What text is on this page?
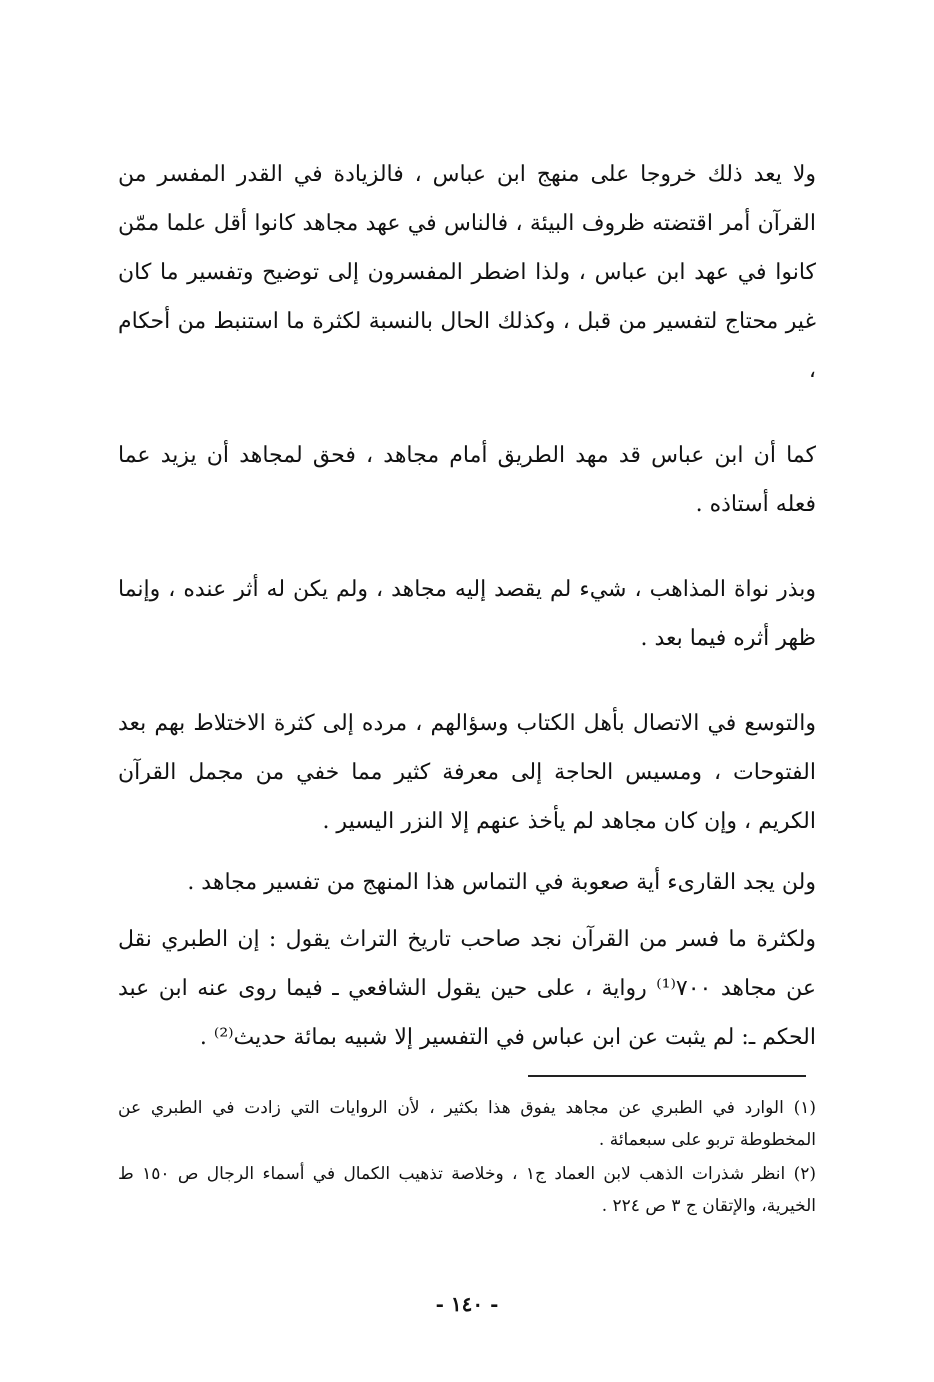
ولا يعد ذلك خروجا على منهج ابن عباس ، فالزيادة في القدر المفسر من القرآن أمر اقتضته ظروف البيئة ، فالناس في عهد مجاهد كانوا أقل علما ممّن كانوا في عهد ابن عباس ، ولذا اضطر المفسرون إلى توضيح وتفسير ما كان غير محتاج لتفسير من قبل ، وكذلك الحال بالنسبة لكثرة ما استنبط من أحكام ،

كما أن ابن عباس قد مهد الطريق أمام مجاهد ، فحق لمجاهد أن يزيد عما فعله أستاذه .

وبذر نواة المذاهب ، شيء لم يقصد إليه مجاهد ، ولم يكن له أثر عنده ، وإنما ظهر أثره فيما بعد .

والتوسع في الاتصال بأهل الكتاب وسؤالهم ، مرده إلى كثرة الاختلاط بهم بعد الفتوحات ، ومسيس الحاجة إلى معرفة كثير مما خفي من مجمل القرآن الكريم ، وإن كان مجاهد لم يأخذ عنهم إلا النزر اليسير .

ولن يجد القارىء أية صعوبة في التماس هذا المنهج من تفسير مجاهد .

ولكثرة ما فسر من القرآن نجد صاحب تاريخ التراث يقول : إن الطبري نقل عن مجاهد ٧٠٠⁽¹⁾ رواية ، على حين يقول الشافعي ـ فيما روى عنه ابن عبد الحكم ـ: لم يثبت عن ابن عباس في التفسير إلا شبيه بمائة حديث⁽²⁾ .

(١) الوارد في الطبري عن مجاهد يفوق هذا بكثير ، لأن الروايات التي زادت في الطبري عن المخطوطة تربو على سبعمائة .

(٢) انظر شذرات الذهب لابن العماد ج١ ، وخلاصة تذهيب الكمال في أسماء الرجال ص ١٥٠ ط الخيرية، والإتقان ج ٣ ص ٢٢٤ .

- ١٤٠ -
